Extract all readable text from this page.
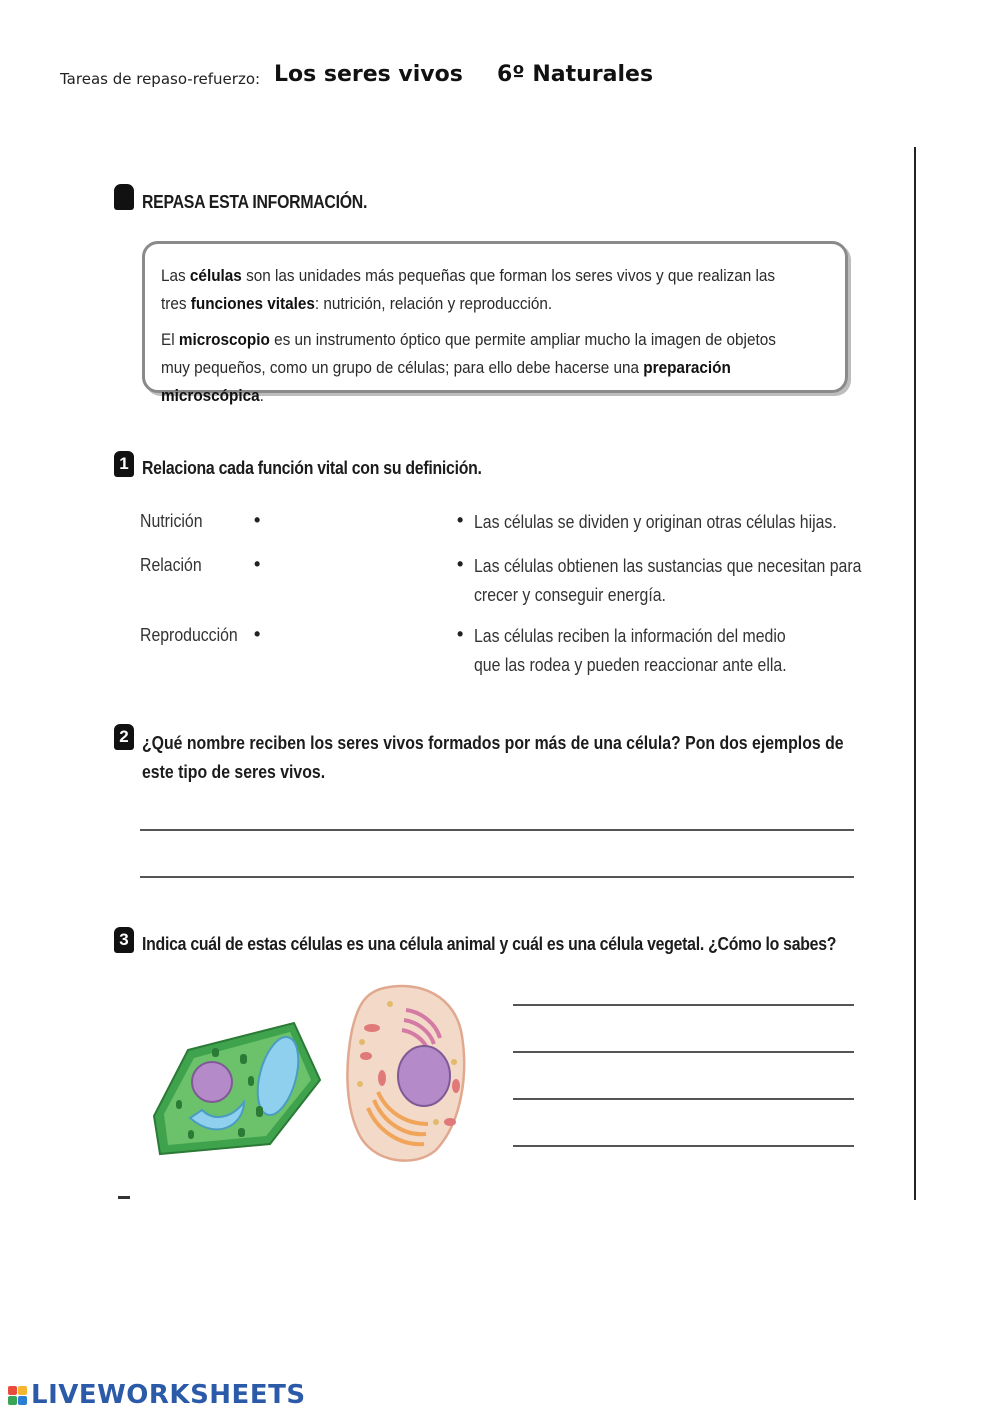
Tareas de repaso-refuerzo: Los seres vivos 6º Naturales
REPASA ESTA INFORMACIÓN.
Las células son las unidades más pequeñas que forman los seres vivos y que realizan las tres funciones vitales: nutrición, relación y reproducción.
El microscopio es un instrumento óptico que permite ampliar mucho la imagen de objetos muy pequeños, como un grupo de células; para ello debe hacerse una preparación microscópica.
1 Relaciona cada función vital con su definición.
Nutrición
Relación
Reproducción
•
•
•
•
•
•
Las células se dividen y originan otras células hijas.
Las células obtienen las sustancias que necesitan para
crecer y conseguir energía.
Las células reciben la información del medio
que las rodea y pueden reaccionar ante ella.
2 ¿Qué nombre reciben los seres vivos formados por más de una célula? Pon dos ejemplos de
este tipo de seres vivos.
3 Indica cuál de estas células es una célula animal y cuál es una célula vegetal. ¿Cómo lo sabes?
LIVEWORKSHEETS
